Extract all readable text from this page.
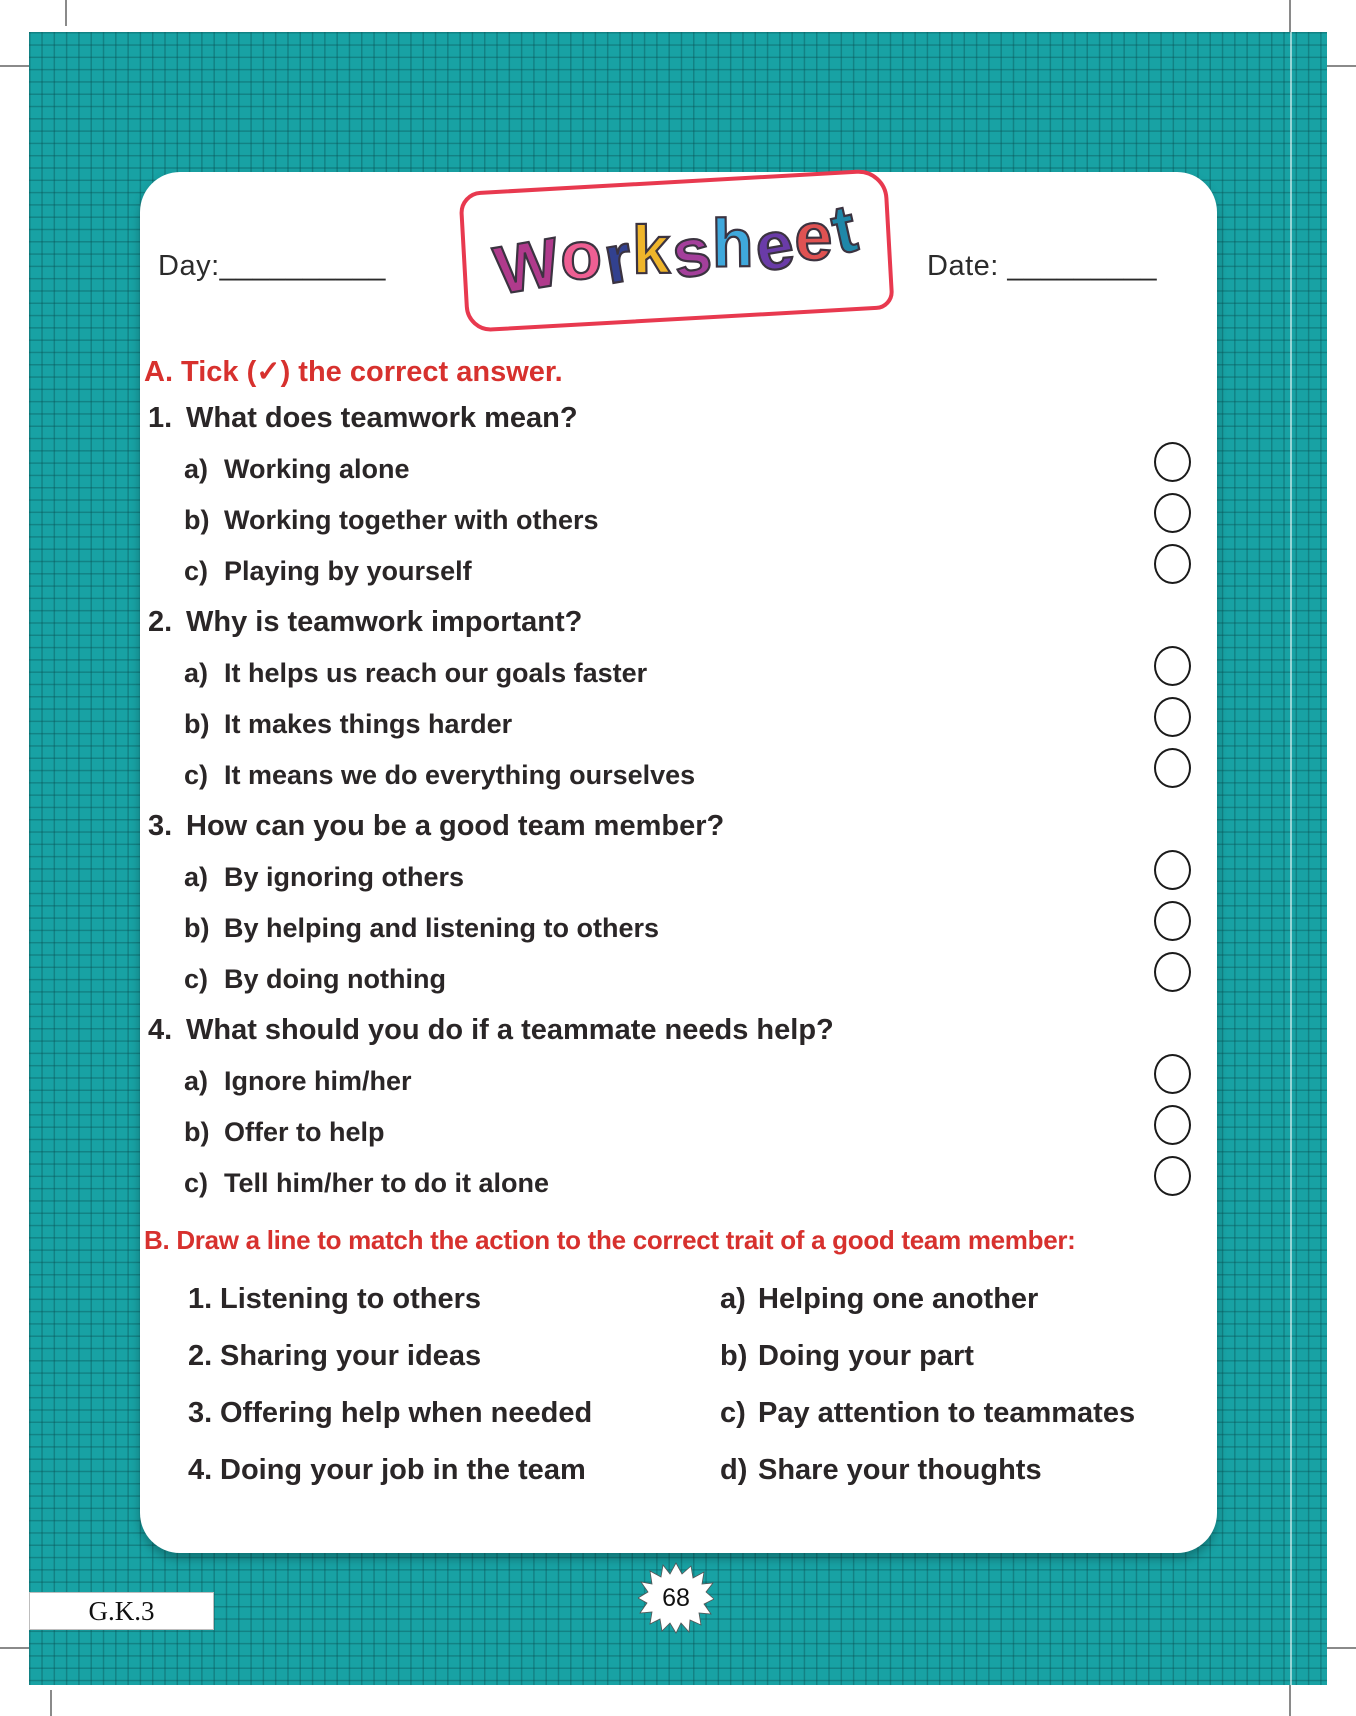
Day:__________ Worksheet Date: _________
A. Tick (✓) the correct answer.
1. What does teamwork mean?
a) Working alone
b) Working together with others
c) Playing by yourself
2. Why is teamwork important?
a) It helps us reach our goals faster
b) It makes things harder
c) It means we do everything ourselves
3. How can you be a good team member?
a) By ignoring others
b) By helping and listening to others
c) By doing nothing
4. What should you do if a teammate needs help?
a) Ignore him/her
b) Offer to help
c) Tell him/her to do it alone
B. Draw a line to match the action to the correct trait of a good team member:
1. Listening to others	a) Helping one another
2. Sharing your ideas	b) Doing your part
3. Offering help when needed	c) Pay attention to teammates
4. Doing your job in the team	d) Share your thoughts
G.K.3	68
